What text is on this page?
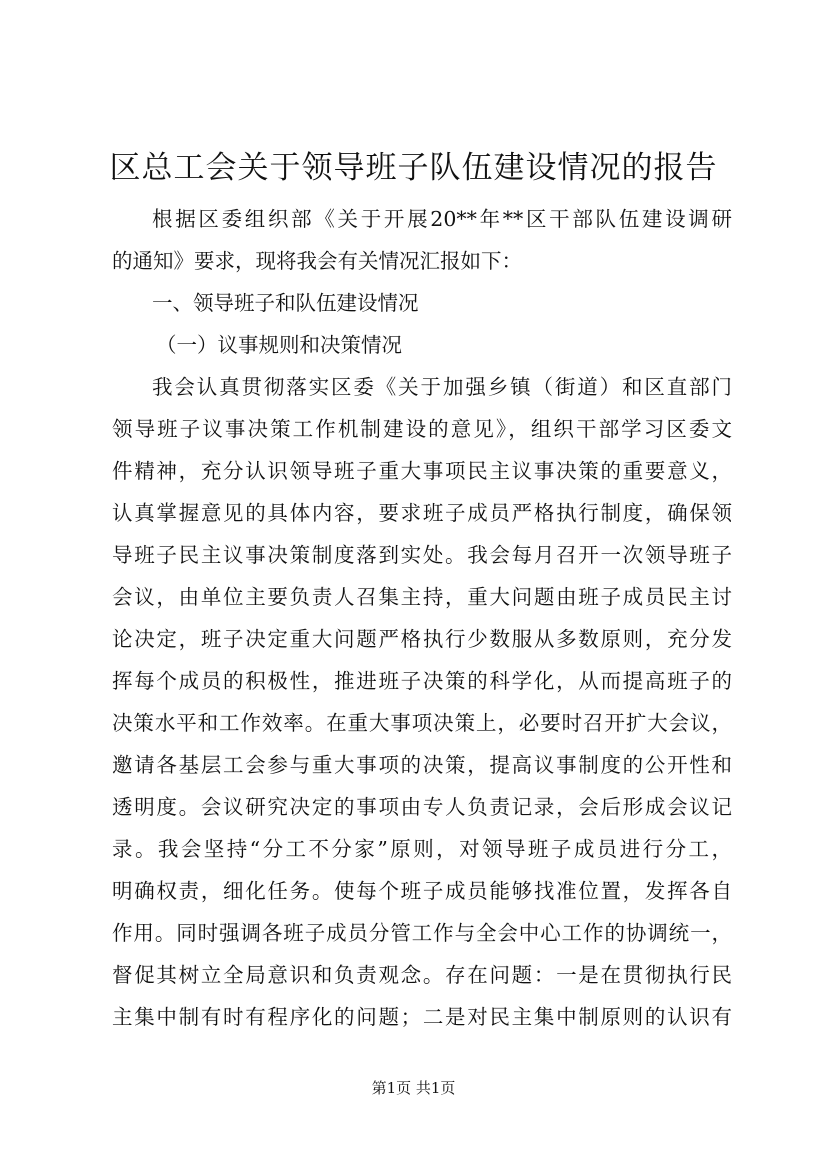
区总工会关于领导班子队伍建设情况的报告
根据区委组织部《关于开展20**年**区干部队伍建设调研
的通知》要求，现将我会有关情况汇报如下：
一、领导班子和队伍建设情况
（一）议事规则和决策情况
我会认真贯彻落实区委《关于加强乡镇（街道）和区直部门
领导班子议事决策工作机制建设的意见》，组织干部学习区委文
件精神，充分认识领导班子重大事项民主议事决策的重要意义，
认真掌握意见的具体内容，要求班子成员严格执行制度，确保领
导班子民主议事决策制度落到实处。我会每月召开一次领导班子
会议，由单位主要负责人召集主持，重大问题由班子成员民主讨
论决定，班子决定重大问题严格执行少数服从多数原则，充分发
挥每个成员的积极性，推进班子决策的科学化，从而提高班子的
决策水平和工作效率。在重大事项决策上，必要时召开扩大会议，
邀请各基层工会参与重大事项的决策，提高议事制度的公开性和
透明度。会议研究决定的事项由专人负责记录，会后形成会议记
录。我会坚持“分工不分家”原则，对领导班子成员进行分工，
明确权责，细化任务。使每个班子成员能够找准位置，发挥各自
作用。同时强调各班子成员分管工作与全会中心工作的协调统一，
督促其树立全局意识和负责观念。存在问题：一是在贯彻执行民
主集中制有时有程序化的问题；二是对民主集中制原则的认识有
第1页 共1页
